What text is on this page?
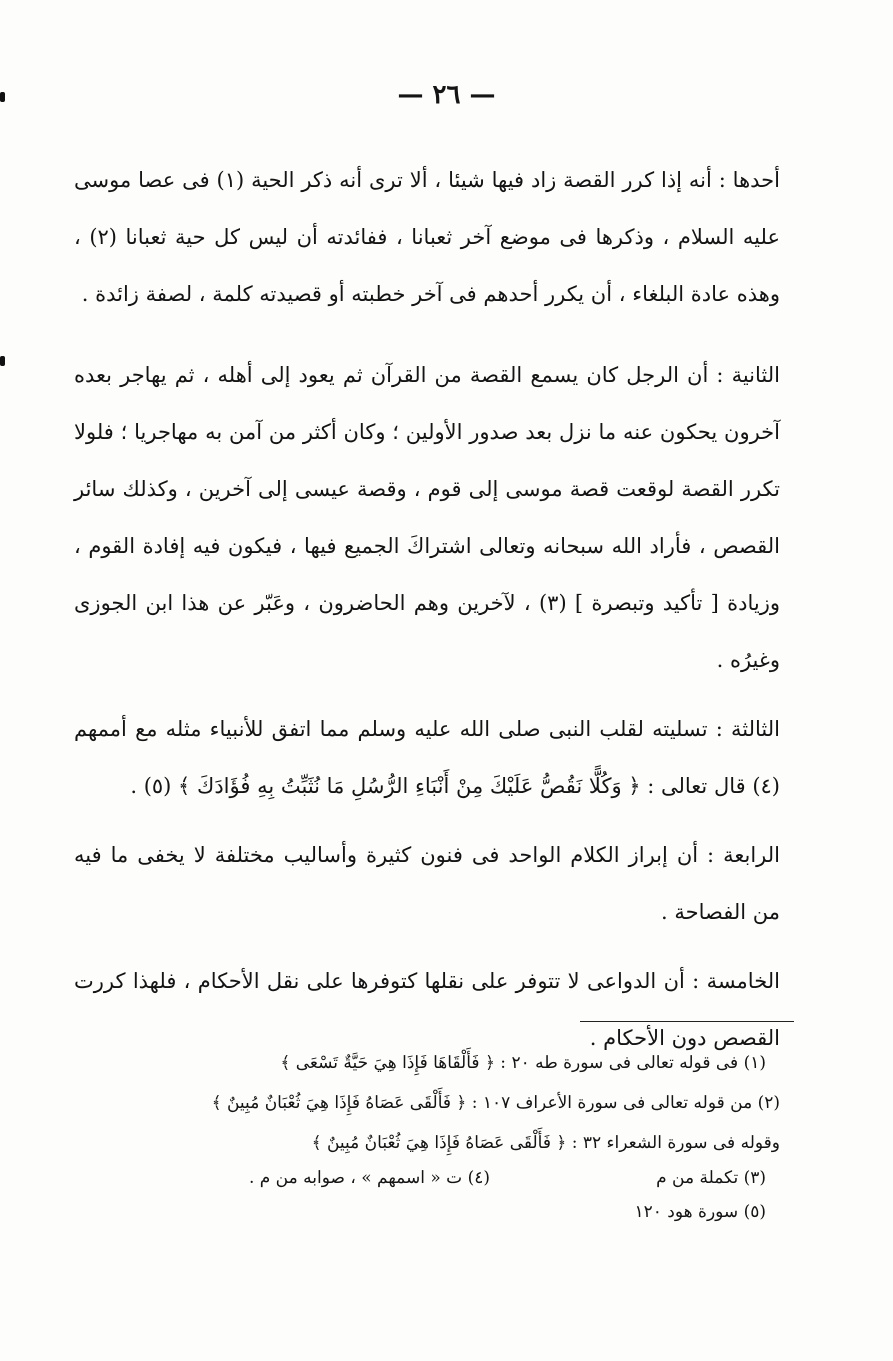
— ٢٦ —

أحدها : أنه إذا كرر القصة زاد فيها شيئا ، ألا ترى أنه ذكر الحية (١) فى عصا موسى عليه السلام ، وذكرها فى موضع آخر ثعبانا ، ففائدته أن ليس كل حية ثعبانا (٢) ، وهذه عادة البلغاء ، أن يكرر أحدهم فى آخر خطبته أو قصيدته كلمة ، لصفة زائدة .

الثانية : أن الرجل كان يسمع القصة من القرآن ثم يعود إلى أهله ، ثم يهاجر بعده آخرون يحكون عنه ما نزل بعد صدور الأولين ؛ وكان أكثر من آمن به مهاجريا ؛ فلولا تكرر القصة لوقعت قصة موسى إلى قوم ، وقصة عيسى إلى آخرين ، وكذلك سائر القصص ، فأراد الله سبحانه وتعالى اشتراكَ الجميع فيها ، فيكون فيه إفادة القوم ، وزيادة [ تأكيد وتبصرة ] (٣) ، لآخرين وهم الحاضرون ، وعَبّر عن هذا ابن الجوزى وغيرُه .

الثالثة : تسليته لقلب النبى صلى الله عليه وسلم مما اتفق للأنبياء مثله مع أممهم (٤) قال تعالى : ﴿ وَكُلًّا نَقُصُّ عَلَيْكَ مِنْ أَنْبَاءِ الرُّسُلِ مَا نُثَبِّتُ بِهِ فُؤَادَكَ ﴾ (٥) .

الرابعة : أن إبراز الكلام الواحد فى فنون كثيرة وأساليب مختلفة لا يخفى ما فيه من الفصاحة .

الخامسة : أن الدواعى لا تتوفر على نقلها كتوفرها على نقل الأحكام ، فلهذا كررت القصص دون الأحكام .

(١) فى قوله تعالى فى سورة طه ٢٠ : ﴿ فَأَلْقَاهَا فَإِذَا هِيَ حَيَّةٌ تَسْعَى ﴾
(٢) من قوله تعالى فى سورة الأعراف ١٠٧ : ﴿ فَأَلْقَى عَصَاهُ فَإِذَا هِيَ ثُعْبَانٌ مُبِينٌ ﴾
وقوله فى سورة الشعراء ٣٢ : ﴿ فَأَلْقَى عَصَاهُ فَإِذَا هِيَ ثُعْبَانٌ مُبِينٌ ﴾
(٣) تكملة من م
(٤) ت « اسمهم » ، صوابه من م .
(٥) سورة هود ١٢٠
